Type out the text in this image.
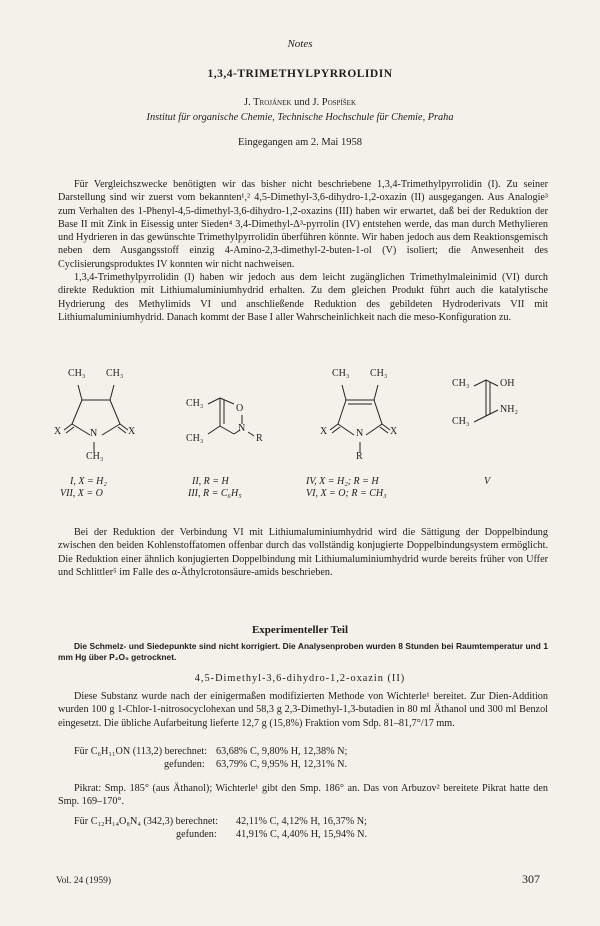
Notes
1,3,4-TRIMETHYLPYRROLIDIN
J. Trojánek und J. Pospíšek
Institut für organische Chemie, Technische Hochschule für Chemie, Praha
Eingegangen am 2. Mai 1958

Für Vergleichszwecke benötigten wir das bisher nicht beschriebene 1,3,4-Trimethylpyrrolidin (I). Zu seiner Darstellung sind wir zuerst vom bekannten¹,² 4,5-Dimethyl-3,6-dihydro-1,2-oxazin (II) ausgegangen. Aus Analogie³ zum Verhalten des 1-Phenyl-4,5-dimethyl-3,6-dihydro-1,2-oxazins (III) haben wir erwartet, daß bei der Reduktion der Base II mit Zink in Eisessig unter Sieden⁴ 3,4-Dimethyl-Δ³-pyrrolin (IV) entstehen werde, das man durch Methylieren und Hydrieren in das gewünschte Trimethylpyrrolidin überführen könnte. Wir haben jedoch aus dem Reaktionsgemisch neben dem Ausgangsstoff einzig 4-Amino-2,3-dimethyl-2-buten-1-ol (V) isoliert; die Anwesenheit des Cyclisierungsproduktes IV konnten wir nicht nachweisen.

1,3,4-Trimethylpyrrolidin (I) haben wir jedoch aus dem leicht zugänglichen Trimethylmaleinimid (VI) durch direkte Reduktion mit Lithiumaluminiumhydrid erhalten. Zu dem gleichen Produkt führt auch die katalytische Hydrierung des Methylimids VI und anschließende Reduktion des gebildeten Hydroderivats VII mit Lithiumaluminiumhydrid. Danach kommt der Base I aller Wahrscheinlichkeit nach die meso-Konfiguration zu.

CH₃ CH₃
X	X
N
CH₃
I, X = H₂
VII, X = O
CH₃	O
N
R
CH₃
II, R = H
III, R = C₆H₅
CH₃ CH₃
X	X
N
R
IV, X = H₂; R = H
VI, X = O; R = CH₃
CH₃	OH
NH₂
CH₃
V

Bei der Reduktion der Verbindung VI mit Lithiumaluminiumhydrid wird die Sättigung der Doppelbindung zwischen den beiden Kohlenstoffatomen offenbar durch das vollständig konjugierte Doppelbindungsystem ermöglicht. Die Reduktion einer ähnlich konjugierten Doppelbindung mit Lithiumaluminiumhydrid wurde bereits früher von Uffer und Schlittler⁵ im Falle des α-Äthylcrotonsäure-amids beschrieben.

Experimenteller Teil

Die Schmelz- und Siedepunkte sind nicht korrigiert. Die Analysenproben wurden 8 Stunden bei Raumtemperatur und 1 mm Hg über P₂O₅ getrocknet.

4,5-Dimethyl-3,6-dihydro-1,2-oxazin (II)

Diese Substanz wurde nach der einigermaßen modifizierten Methode von Wichterle¹ bereitet. Zur Dien-Addition wurden 100 g 1-Chlor-1-nitrosocyclohexan und 58,3 g 2,3-Dimethyl-1,3-butadien in 80 ml Äthanol und 300 ml Benzol eingesetzt. Die übliche Aufarbeitung lieferte 12,7 g (15,8%) Fraktion vom Sdp. 81–81,7°/17 mm.

Für C₆H₁₁ON (113,2) berechnet: 63,68% C, 9,80% H, 12,38% N;
gefunden: 63,79% C, 9,95% H, 12,31% N.

Pikrat: Smp. 185° (aus Äthanol); Wichterle¹ gibt den Smp. 186° an. Das von Arbuzov² bereitete Pikrat hatte den Smp. 169–170°.

Für C₁₂H₁₄O₈N₄ (342,3) berechnet: 42,11% C, 4,12% H, 16,37% N;
gefunden: 41,91% C, 4,40% H, 15,94% N.
Vol. 24 (1959)	307
